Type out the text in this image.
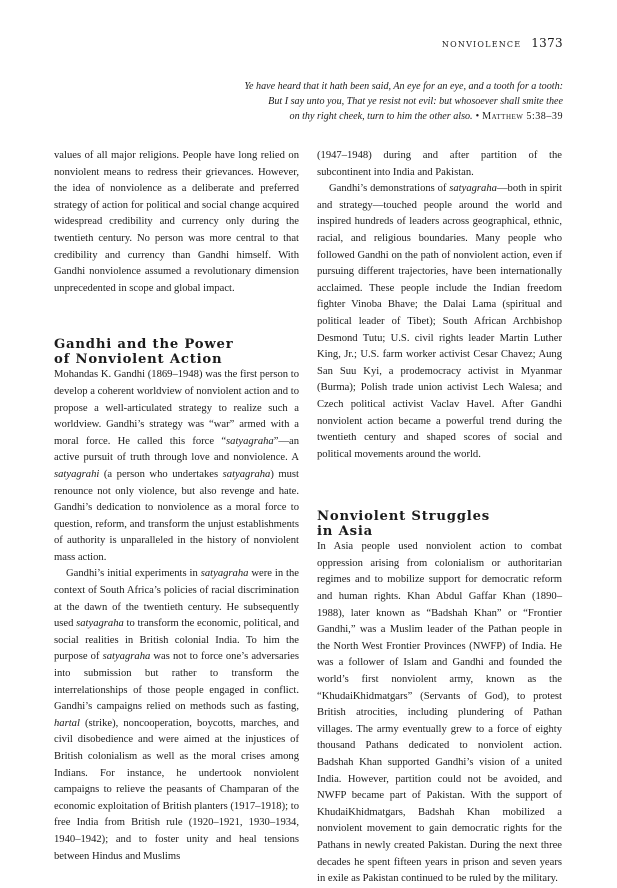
nonviolence 1373
Ye have heard that it hath been said, An eye for an eye, and a tooth for a tooth:
But I say unto you, That ye resist not evil: but whosoever shall smite thee
on thy right cheek, turn to him the other also. • Matthew 5:38–39

values of all major religions. People have long relied on nonviolent means to redress their grievances. However, the idea of nonviolence as a deliberate and preferred strategy of action for political and social change acquired widespread credibility and currency only during the twentieth century. No person was more central to that credibility and currency than Gandhi himself. With Gandhi nonviolence assumed a revolutionary dimension unprecedented in scope and global impact.

Gandhi and the Power
of Nonviolent Action

Mohandas K. Gandhi (1869–1948) was the first person to develop a coherent worldview of nonviolent action and to propose a well-articulated strategy to realize such a worldview. Gandhi’s strategy was “war” armed with a moral force. He called this force “satyagraha”—an active pursuit of truth through love and nonviolence. A satyagrahi (a person who undertakes satyagraha) must renounce not only violence, but also revenge and hate. Gandhi’s dedication to nonviolence as a moral force to question, reform, and transform the unjust establishments of authority is unparalleled in the history of nonviolent mass action.

Gandhi’s initial experiments in satyagraha were in the context of South Africa’s policies of racial discrimination at the dawn of the twentieth century. He subsequently used satyagraha to transform the economic, political, and social realities in British colonial India. To him the purpose of satyagraha was not to force one’s adversaries into submission but rather to transform the interrelationships of those people engaged in conflict. Gandhi’s campaigns relied on methods such as fasting, hartal (strike), noncooperation, boycotts, marches, and civil disobedience and were aimed at the injustices of British colonialism as well as the moral crises among Indians. For instance, he undertook nonviolent campaigns to relieve the peasants of Champaran of the economic exploitation of British planters (1917–1918); to free India from British rule (1920–1921, 1930–1934, 1940–1942); and to foster unity and heal tensions between Hindus and Muslims

(1947–1948) during and after partition of the subcontinent into India and Pakistan.

Gandhi’s demonstrations of satyagraha—both in spirit and strategy—touched people around the world and inspired hundreds of leaders across geographical, ethnic, racial, and religious boundaries. Many people who followed Gandhi on the path of nonviolent action, even if pursuing different trajectories, have been internationally acclaimed. These people include the Indian freedom fighter Vinoba Bhave; the Dalai Lama (spiritual and political leader of Tibet); South African Archbishop Desmond Tutu; U.S. civil rights leader Martin Luther King, Jr.; U.S. farm worker activist Cesar Chavez; Aung San Suu Kyi, a prodemocracy activist in Myanmar (Burma); Polish trade union activist Lech Walesa; and Czech political activist Vaclav Havel. After Gandhi nonviolent action became a powerful trend during the twentieth century and shaped scores of social and political movements around the world.

Nonviolent Struggles
in Asia

In Asia people used nonviolent action to combat oppression arising from colonialism or authoritarian regimes and to mobilize support for democratic reform and human rights. Khan Abdul Gaffar Khan (1890–1988), later known as “Badshah Khan” or “Frontier Gandhi,” was a Muslim leader of the Pathan people in the North West Frontier Provinces (NWFP) of India. He was a follower of Islam and Gandhi and founded the world’s first nonviolent army, known as the “KhudaiKhidmatgars” (Servants of God), to protest British atrocities, including plundering of Pathan villages. The army eventually grew to a force of eighty thousand Pathans dedicated to nonviolent action. Badshah Khan supported Gandhi’s vision of a united India. However, partition could not be avoided, and NWFP became part of Pakistan. With the support of KhudaiKhidmatgars, Badshah Khan mobilized a nonviolent movement to gain democratic rights for the Pathans in newly created Pakistan. During the next three decades he spent fifteen years in prison and seven years in exile as Pakistan continued to be ruled by the military.
